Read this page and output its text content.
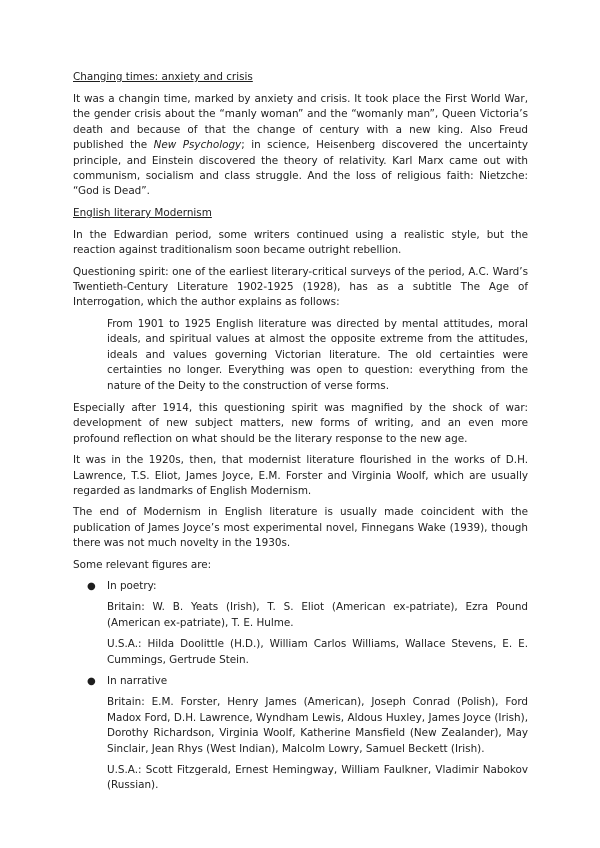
Changing times: anxiety and crisis

It was a changin time, marked by anxiety and crisis. It took place the First World War, the gender crisis about the “manly woman” and the “womanly man”, Queen Victoria’s death and because of that the change of century with a new king. Also Freud published the New Psychology; in science, Heisenberg discovered the uncertainty principle, and Einstein discovered the theory of relativity. Karl Marx came out with communism, socialism and class struggle. And the loss of religious faith: Nietzche: “God is Dead”.

English literary Modernism

In the Edwardian period, some writers continued using a realistic style, but the reaction against traditionalism soon became outright rebellion.

Questioning spirit: one of the earliest literary-critical surveys of the period, A.C. Ward’s Twentieth-Century Literature 1902-1925 (1928), has as a subtitle The Age of Interrogation, which the author explains as follows:

From 1901 to 1925 English literature was directed by mental attitudes, moral ideals, and spiritual values at almost the opposite extreme from the attitudes, ideals and values governing Victorian literature. The old certainties were certainties no longer. Everything was open to question: everything from the nature of the Deity to the construction of verse forms.

Especially after 1914, this questioning spirit was magnified by the shock of war: development of new subject matters, new forms of writing, and an even more profound reflection on what should be the literary response to the new age.

It was in the 1920s, then, that modernist literature flourished in the works of D.H. Lawrence, T.S. Eliot, James Joyce, E.M. Forster and Virginia Woolf, which are usually regarded as landmarks of English Modernism.

The end of Modernism in English literature is usually made coincident with the publication of James Joyce’s most experimental novel, Finnegans Wake (1939), though there was not much novelty in the 1930s.

Some relevant figures are:

● In poetry:

Britain: W. B. Yeats (Irish), T. S. Eliot (American ex-patriate), Ezra Pound (American ex-patriate), T. E. Hulme.

U.S.A.: Hilda Doolittle (H.D.), William Carlos Williams, Wallace Stevens, E. E. Cummings, Gertrude Stein.

● In narrative

Britain: E.M. Forster, Henry James (American), Joseph Conrad (Polish), Ford Madox Ford, D.H. Lawrence, Wyndham Lewis, Aldous Huxley, James Joyce (Irish), Dorothy Richardson, Virginia Woolf, Katherine Mansfield (New Zealander), May Sinclair, Jean Rhys (West Indian), Malcolm Lowry, Samuel Beckett (Irish).

U.S.A.: Scott Fitzgerald, Ernest Hemingway, William Faulkner, Vladimir Nabokov (Russian).
